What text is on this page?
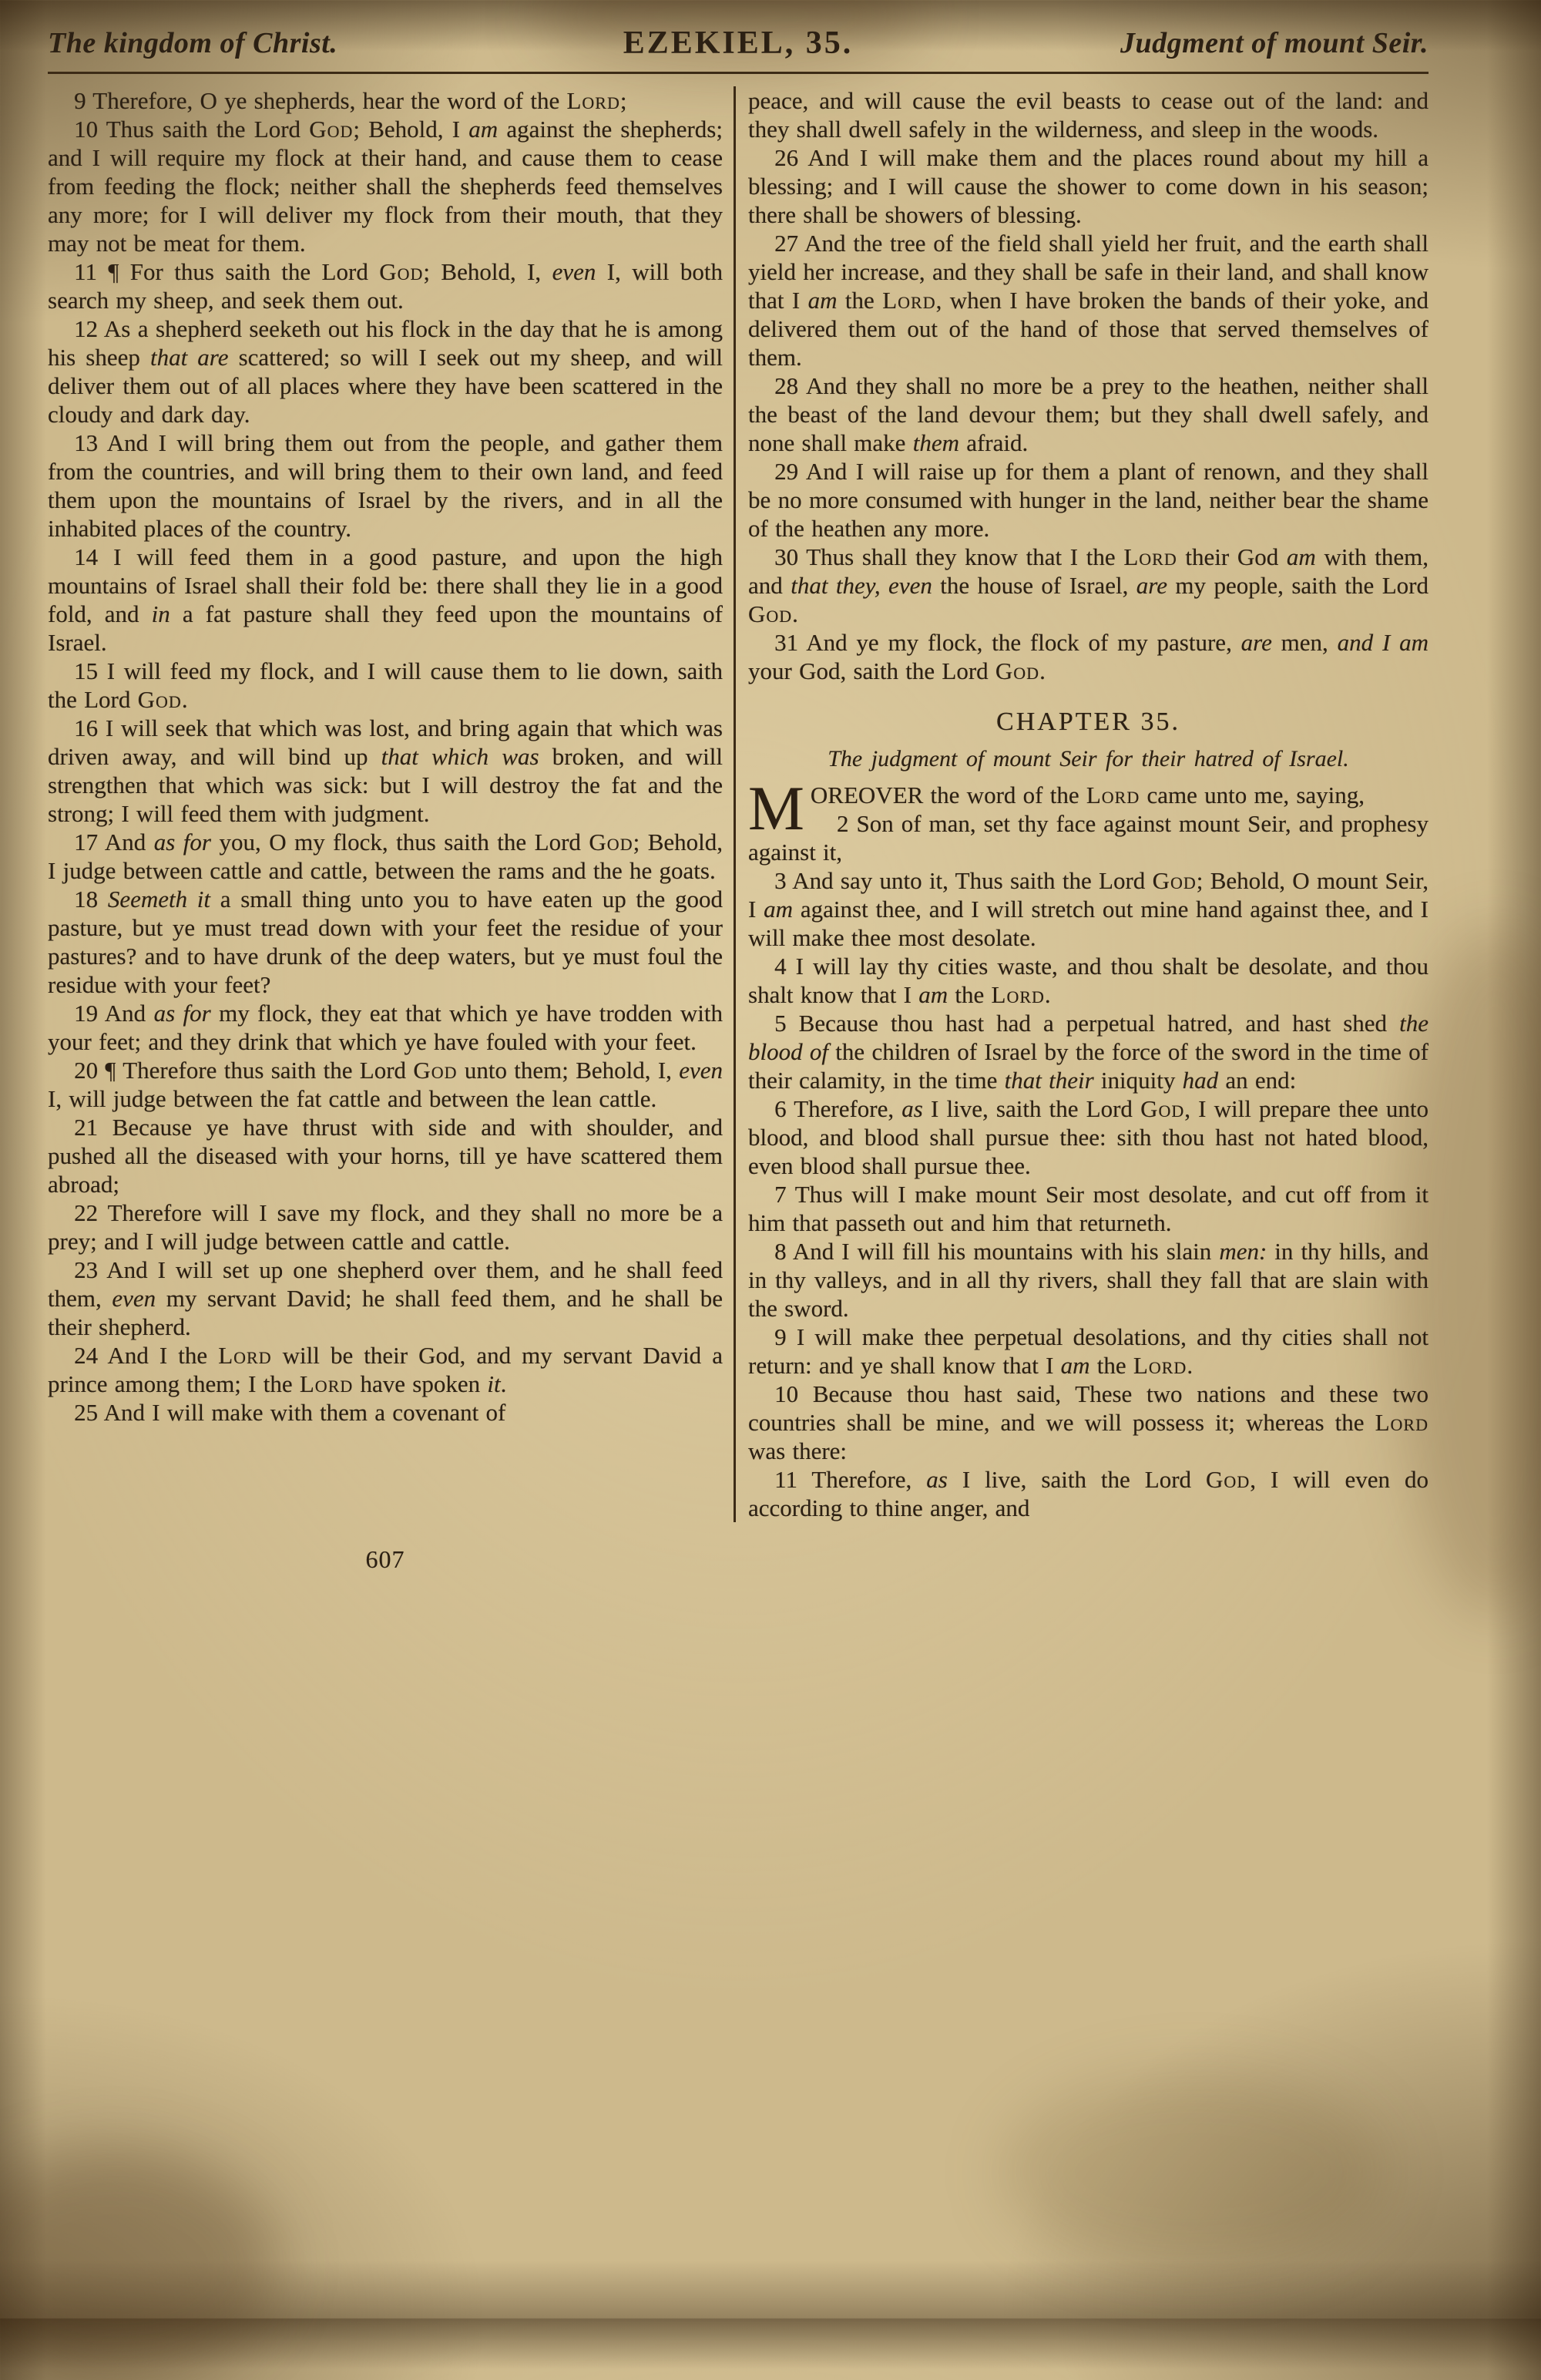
The kingdom of Christ.	EZEKIEL, 35.	Judgment of mount Seir.

9 Therefore, O ye shepherds, hear the word of the Lord;

10 Thus saith the Lord God; Behold, I am against the shepherds; and I will require my flock at their hand, and cause them to cease from feeding the flock; neither shall the shepherds feed themselves any more; for I will deliver my flock from their mouth, that they may not be meat for them.

11 ¶ For thus saith the Lord God; Behold, I, even I, will both search my sheep, and seek them out.

12 As a shepherd seeketh out his flock in the day that he is among his sheep that are scattered; so will I seek out my sheep, and will deliver them out of all places where they have been scattered in the cloudy and dark day.

13 And I will bring them out from the people, and gather them from the countries, and will bring them to their own land, and feed them upon the mountains of Israel by the rivers, and in all the inhabited places of the country.

14 I will feed them in a good pasture, and upon the high mountains of Israel shall their fold be: there shall they lie in a good fold, and in a fat pasture shall they feed upon the mountains of Israel.

15 I will feed my flock, and I will cause them to lie down, saith the Lord God.

16 I will seek that which was lost, and bring again that which was driven away, and will bind up that which was broken, and will strengthen that which was sick: but I will destroy the fat and the strong; I will feed them with judgment.

17 And as for you, O my flock, thus saith the Lord God; Behold, I judge between cattle and cattle, between the rams and the he goats.

18 Seemeth it a small thing unto you to have eaten up the good pasture, but ye must tread down with your feet the residue of your pastures? and to have drunk of the deep waters, but ye must foul the residue with your feet?

19 And as for my flock, they eat that which ye have trodden with your feet; and they drink that which ye have fouled with your feet.

20 ¶ Therefore thus saith the Lord God unto them; Behold, I, even I, will judge between the fat cattle and between the lean cattle.

21 Because ye have thrust with side and with shoulder, and pushed all the diseased with your horns, till ye have scattered them abroad;

22 Therefore will I save my flock, and they shall no more be a prey; and I will judge between cattle and cattle.

23 And I will set up one shepherd over them, and he shall feed them, even my servant David; he shall feed them, and he shall be their shepherd.

24 And I the Lord will be their God, and my servant David a prince among them; I the Lord have spoken it.

25 And I will make with them a covenant of

peace, and will cause the evil beasts to cease out of the land: and they shall dwell safely in the wilderness, and sleep in the woods.

26 And I will make them and the places round about my hill a blessing; and I will cause the shower to come down in his season; there shall be showers of blessing.

27 And the tree of the field shall yield her fruit, and the earth shall yield her increase, and they shall be safe in their land, and shall know that I am the Lord, when I have broken the bands of their yoke, and delivered them out of the hand of those that served themselves of them.

28 And they shall no more be a prey to the heathen, neither shall the beast of the land devour them; but they shall dwell safely, and none shall make them afraid.

29 And I will raise up for them a plant of renown, and they shall be no more consumed with hunger in the land, neither bear the shame of the heathen any more.

30 Thus shall they know that I the Lord their God am with them, and that they, even the house of Israel, are my people, saith the Lord God.

31 And ye my flock, the flock of my pasture, are men, and I am your God, saith the Lord God.

CHAPTER 35.

The judgment of mount Seir for their hatred of Israel.

MOREOVER the word of the Lord came unto me, saying,

2 Son of man, set thy face against mount Seir, and prophesy against it,

3 And say unto it, Thus saith the Lord God; Behold, O mount Seir, I am against thee, and I will stretch out mine hand against thee, and I will make thee most desolate.

4 I will lay thy cities waste, and thou shalt be desolate, and thou shalt know that I am the Lord.

5 Because thou hast had a perpetual hatred, and hast shed the blood of the children of Israel by the force of the sword in the time of their calamity, in the time that their iniquity had an end:

6 Therefore, as I live, saith the Lord God, I will prepare thee unto blood, and blood shall pursue thee: sith thou hast not hated blood, even blood shall pursue thee.

7 Thus will I make mount Seir most desolate, and cut off from it him that passeth out and him that returneth.

8 And I will fill his mountains with his slain men: in thy hills, and in thy valleys, and in all thy rivers, shall they fall that are slain with the sword.

9 I will make thee perpetual desolations, and thy cities shall not return: and ye shall know that I am the Lord.

10 Because thou hast said, These two nations and these two countries shall be mine, and we will possess it; whereas the Lord was there:

11 Therefore, as I live, saith the Lord God, I will even do according to thine anger, and

607
